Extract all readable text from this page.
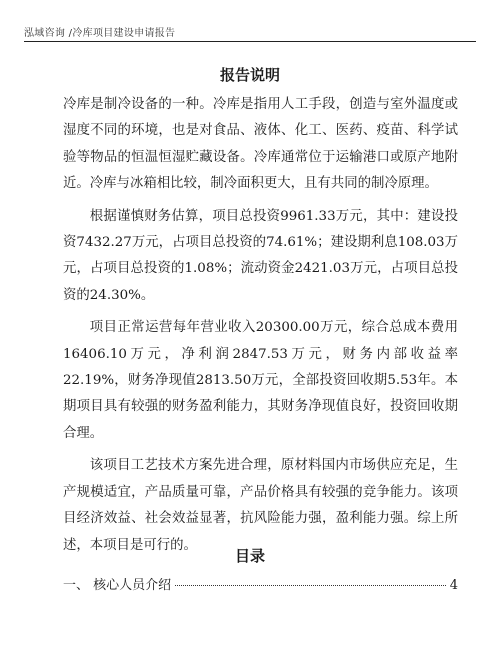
泓域咨询 /冷库项目建设申请报告
报告说明

冷库是制冷设备的一种。冷库是指用人工手段，创造与室外温度或湿度不同的环境，也是对食品、液体、化工、医药、疫苗、科学试验等物品的恒温恒湿贮藏设备。冷库通常位于运输港口或原产地附近。冷库与冰箱相比较，制冷面积更大，且有共同的制冷原理。

根据谨慎财务估算，项目总投资9961.33万元，其中：建设投资7432.27万元，占项目总投资的74.61%；建设期利息108.03万元，占项目总投资的1.08%；流动资金2421.03万元，占项目总投资的24.30%。

项目正常运营每年营业收入20300.00万元，综合总成本费用16406.10万元，净利润2847.53万元，财务内部收益率22.19%，财务净现值2813.50万元，全部投资回收期5.53年。本期项目具有较强的财务盈利能力，其财务净现值良好，投资回收期合理。

该项目工艺技术方案先进合理，原材料国内市场供应充足，生产规模适宜，产品质量可靠，产品价格具有较强的竞争能力。该项目经济效益、社会效益显著，抗风险能力强，盈利能力强。综上所述，本项目是可行的。

目录
一、 核心人员介绍	4
